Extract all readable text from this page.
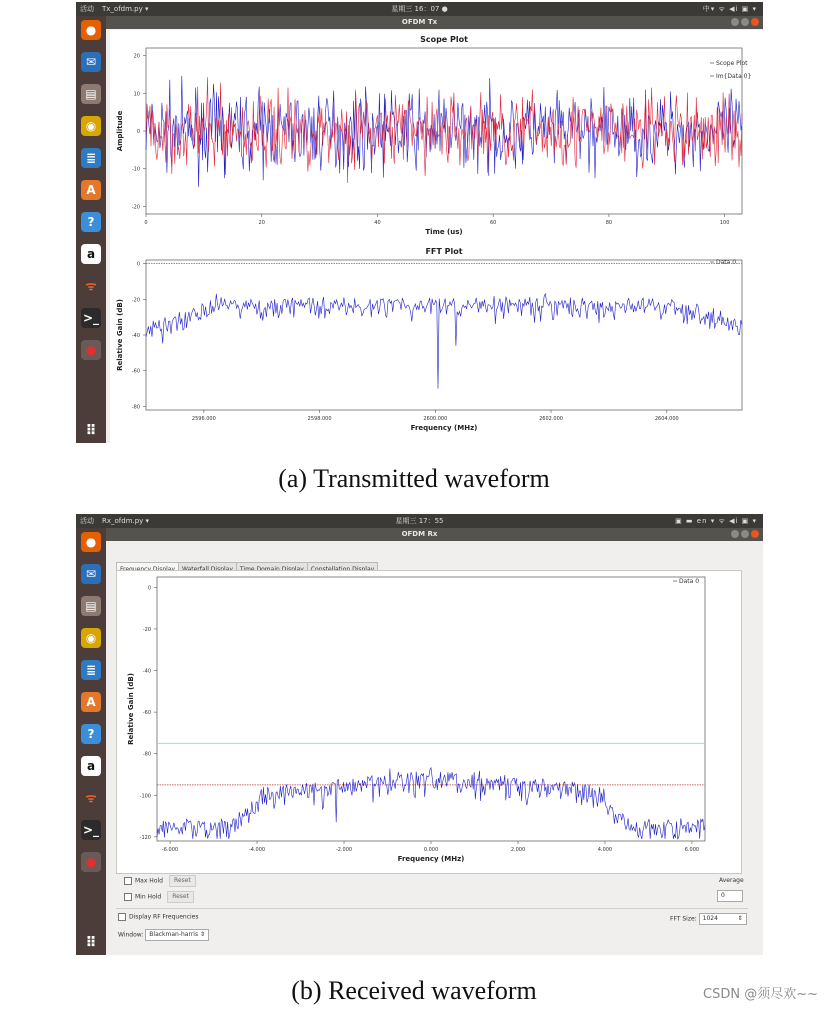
活动 Tx_ofdm.py ▾	星期三 16：07 ●	中▾ ᯤ ◀ⅰ ▣ ▾
OFDM Tx
●
✉
▤
◉
≣
A
?
a
ᯤ
>_
●
⠿
Scope Plot
20
10
0
-10
-20
0	20	40	60	80	100
Time (us)
Amplitude
Scope Plot
Im{Data 0}
FFT Plot
0
-20
-40
-60
-80
2596.000	2598.000	2600.000	2602.000	2604.000
Frequency (MHz)
Relative Gain (dB)
Data 0
(a) Transmitted waveform
活动 Rx_ofdm.py ▾	星期三 17：55	▣ ▬ en ▾ ᯤ ◀ⅰ ▣ ▾
OFDM Rx
●
✉
▤
◉
≣
A
?
a
ᯤ
>_
●
⠿
0
-20
-40
-60
-80
-100
-120
-6.000	-4.000	-2.000	0.000	2.000	4.000	6.000
Frequency (MHz)
Relative Gain (dB)
Data 0
Max Hold Reset
Min Hold Reset
Average
0
Display RF Frequencies
Window: Blackman-harris ⇕
FFT Size: 1024	⇕
(b) Received waveform	CSDN @须尽欢~~
